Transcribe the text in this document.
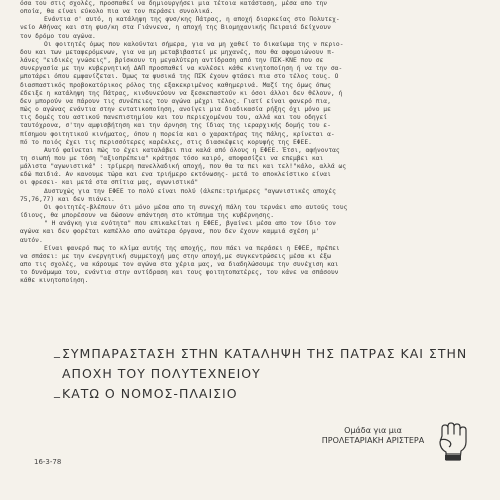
όσα του στις σχολές, προσπαθεί να δημιουργήσει μια τέτοια κατάσταση, μέσα απο την

οποία, θα είναι εύκολο πια να τον περάσει συνολικά.

Ενάντια σ' αυτό, η κατάληψη της φυσ/κης Πάτρας, η αποχή διαρκείας στο Πολυτεχ-

νείο Αθήνας και στη φυσ/κη στα Γιάννενα, η αποχή της Βιομηχανικής Πειραιά δείχνουν

τον δρόμο του αγώνα.

Οι φοιτητές όμως που καλούνται σήμερα, για να μη χαθεί το δικαίωμα της ν περιο-

δου και των μεταφερόμενων, για να μη μεταβιβαστεί με μηχανές, που θα αφομοιώνουν π-

λάνες "ειδικές γνώσεις", βρίσκουν τη μεγαλύτερη αντίδραση από την ΠΣΚ-ΚΝΕ που σε

συνεργασία με την κυβερνητική ΔΑΠ προσπαθεί να κυλέσει κάθε κινητοποίηση ή να την σα-

μποτάρει όπου εμφανίζεται. Όμως τα φυσικά της ΠΣΚ έχουν φτάσει πια στο τέλος τους. Ο

διασπαστικός προβοκατόρικος ρόλος της εξακεκριμένος καθημερινά. Μαζί της όμως όπως

έδειξε η κατάληψη της Πάτρας, κινδυνεύουν να ξεσκεπαστούν κι όσοι άλλοι δεν θέλουν, ή

δεν μπορούν να πάρουν τις συνέπειες του αγώνα μέχρι τέλος. Γιατί είναι φανερό πια,

πώς ο αγώνας ενάντια στην εντατικοποίηση, ανοίγει μια διαδικασία ρήξης όχι μόνο με

τις δομές του αστικού πανεπιστημίου και του περιεχομένου του, αλλά και του οδηγεί

ταυτόχρονα, σ'την αμφισβήτηση και την άρνηση της ίδιας της ιεραρχικής δομής του ε-

πίσημου φοιτητικού κινήματος, όπου η πορεία και ο χαρακτήρας της πάλης, κρίνεται α-

πό το ποιός έχει τις περισσότερες καρέκλες, στις διασκέψεις κορυφής της ΕΦΕΕ.

Αυτό φαίνεται πώς το έχει καταλάβει πια καλά από όλους η ΕΦΕΕ. Έτσι, αφήνοντας

τη σιωπή που με τόση "αξιοπρέπεια" κράτησε τόσο καιρό, αποφασίζει να επεμβει και

μάλιστα "αγωνιστικά" : τρίμερη πανελλαδική αποχή, που θα τα πει και τελ!"κάλο, αλλά ως

εδώ παιδιά. Αν κανουμε τώρα και ενα τριήμερο εκτόνωσης- μετά το αποκλείστικο είναι

οι φρεσει- και μετά στα σπίτια μας, αγωνιστικά"

Δυστυχώς για την ΕΦΕΕ το πολύ είναι πολύ (άλεπε:τριήμερες "αγωνιστικές αποχές

75,76,77) και δεν πιάνει.

Οι φοιτητές-βλέπουν ότι μόνο μέσα απο τη συνεχή πάλη του τερνάει απο αυτούς τους

ίδιους, θα μπορέσουν να δώσουν απάντηση στο κτύπημα της κυβέρνησης.

" Η ανάγκη για ενότητα" που επικαλείται η ΕΦΕΕ, βγαίνει μέσα απο τον ίδιο τον

αγώνα και δεν φορέται καπέλλο απο ανώτερα όργανα, που δεν έχουν καμμιά σχέση μ'

αυτόν.

Είναι φανερό πως το κλίμα αυτής της αποχής, που πάει να περάσει η ΕΦΕΕ, πρέπει

να σπάσει: με την ενεργητική συμμετοχή μας στην αποχή,με συγκεντρώσεις μέσα κι έξω

απο τις σχολές, να κάρουμε τον αγώνα στα χέρια μας, να διαδηλώσουμε την συνέχιση και

το δυνάμωμα του, ενάντια στην αντίδραση και τους φοιτητοπατέρες, του κάνε να σπάσουν

κάθε κινητοποίηση.

_ ΣΥΜΠΑΡΑΣΤΑΣΗ ΣΤΗΝ ΚΑΤΑΛΗΨΗ ΤΗΣ ΠΑΤΡΑΣ ΚΑΙ ΣΤΗΝ
ΑΠΟΧΗ ΤΟΥ ΠΟΛΥΤΕΧΝΕΙΟΥ
_ ΚΑΤΩ Ο ΝΟΜΟΣ-ΠΛΑΙΣΙΟ
16-3-78
Ομάδα για μια
ΠΡΟΛΕΤΑΡΙΑΚΗ ΑΡΙΣΤΕΡΑ
